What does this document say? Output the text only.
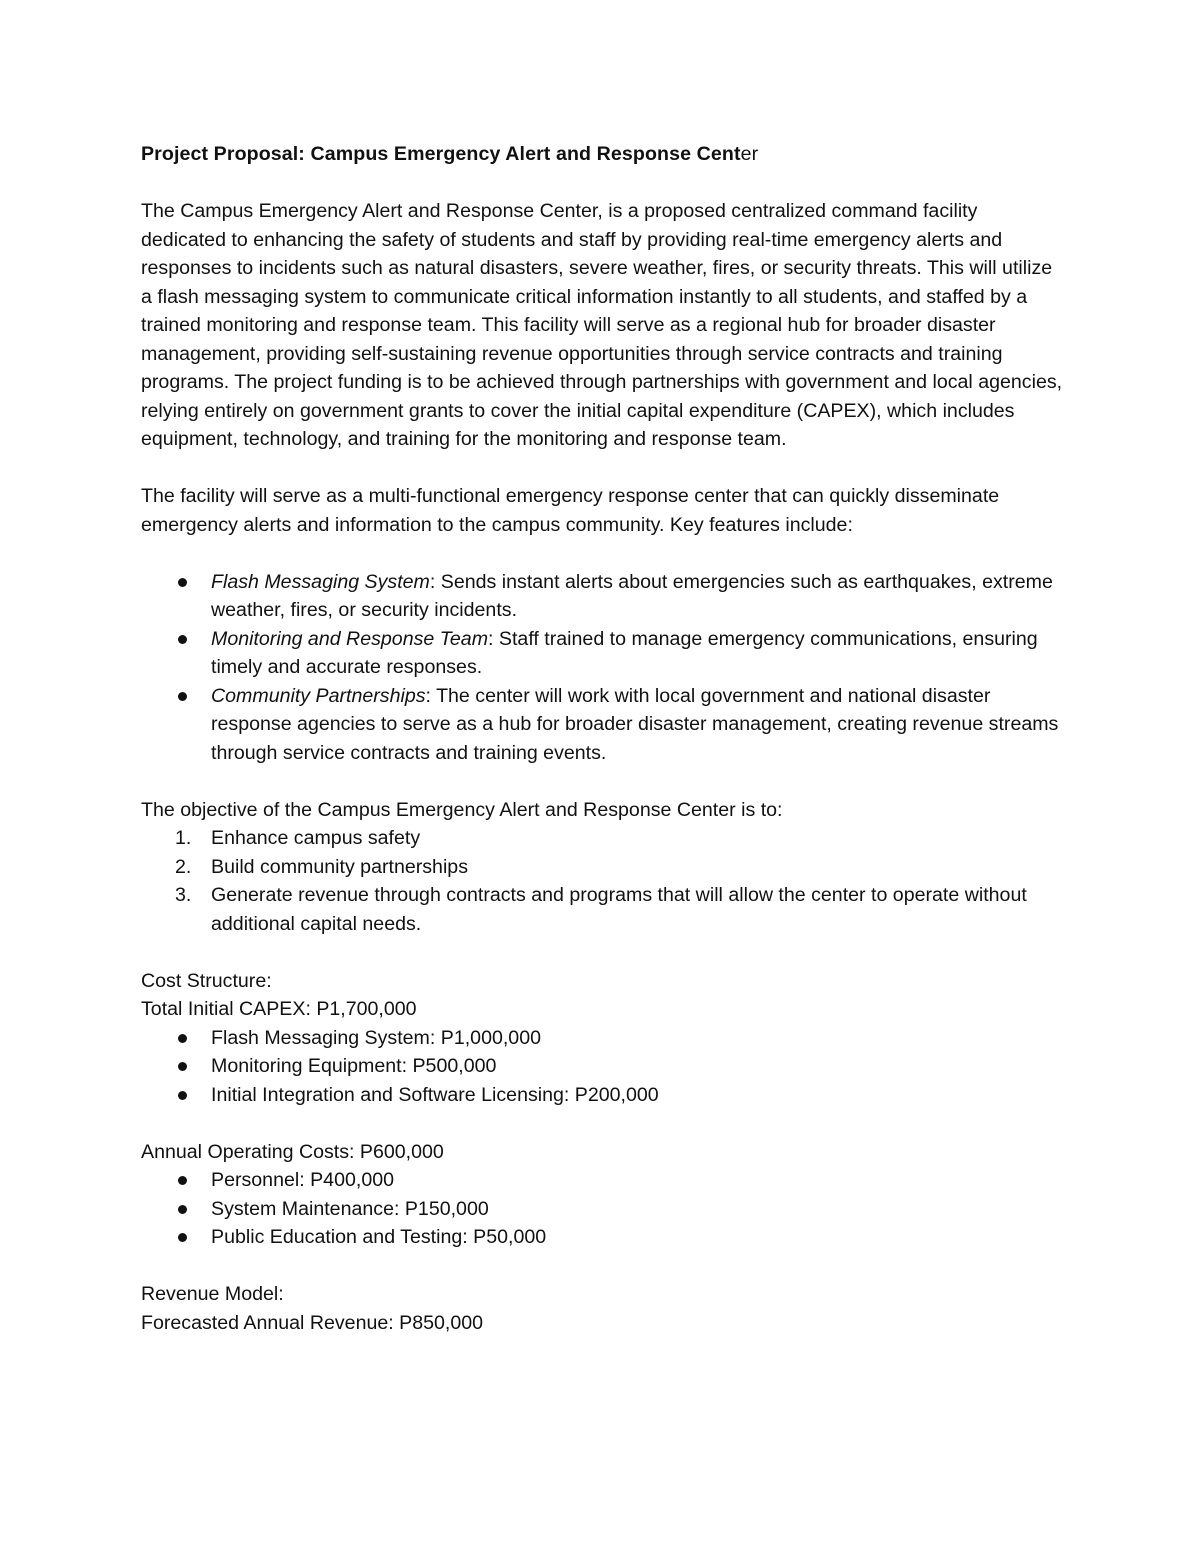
Project Proposal: Campus Emergency Alert and Response Center

The Campus Emergency Alert and Response Center, is a proposed centralized command facility dedicated to enhancing the safety of students and staff by providing real-time emergency alerts and responses to incidents such as natural disasters, severe weather, fires, or security threats. This will utilize a flash messaging system to communicate critical information instantly to all students, and staffed by a trained monitoring and response team. This facility will serve as a regional hub for broader disaster management, providing self-sustaining revenue opportunities through service contracts and training programs. The project funding is to be achieved through partnerships with government and local agencies, relying entirely on government grants to cover the initial capital expenditure (CAPEX), which includes equipment, technology, and training for the monitoring and response team.

The facility will serve as a multi-functional emergency response center that can quickly disseminate emergency alerts and information to the campus community. Key features include:

Flash Messaging System: Sends instant alerts about emergencies such as earthquakes, extreme weather, fires, or security incidents.
Monitoring and Response Team: Staff trained to manage emergency communications, ensuring timely and accurate responses.
Community Partnerships: The center will work with local government and national disaster response agencies to serve as a hub for broader disaster management, creating revenue streams through service contracts and training events.

The objective of the Campus Emergency Alert and Response Center is to:

1. Enhance campus safety
2. Build community partnerships
3. Generate revenue through contracts and programs that will allow the center to operate without additional capital needs.

Cost Structure:

Total Initial CAPEX: P1,700,000

Flash Messaging System: P1,000,000
Monitoring Equipment: P500,000
Initial Integration and Software Licensing: P200,000

Annual Operating Costs: P600,000

Personnel: P400,000
System Maintenance: P150,000
Public Education and Testing: P50,000

Revenue Model:

Forecasted Annual Revenue: P850,000
